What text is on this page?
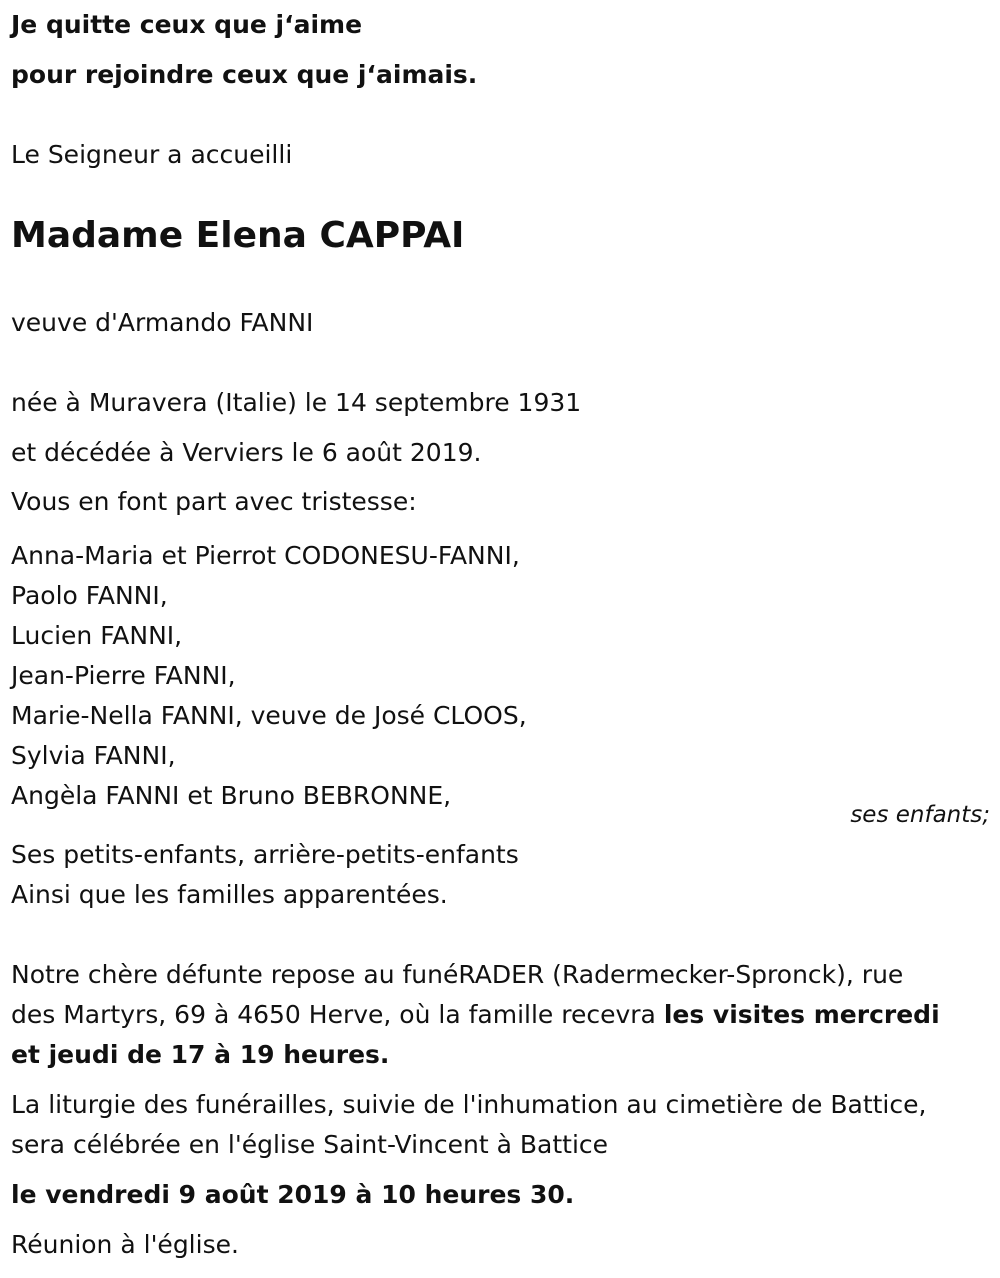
Je quitte ceux que j‘aime

pour rejoindre ceux que j‘aimais.

Le Seigneur a accueilli

Madame Elena CAPPAI

veuve d'Armando FANNI

née à Muravera (Italie) le 14 septembre 1931

et décédée à Verviers le 6 août 2019.

Vous en font part avec tristesse:

Anna-Maria et Pierrot CODONESU-FANNI,
Paolo FANNI,
Lucien FANNI,
Jean-Pierre FANNI,
Marie-Nella FANNI, veuve de José CLOOS,
Sylvia FANNI,
Angèla FANNI et Bruno BEBRONNE,
ses enfants;

Ses petits-enfants, arrière-petits-enfants

Ainsi que les familles apparentées.

Notre chère défunte repose au funéRADER (Radermecker-Spronck), rue

des Martyrs, 69 à 4650 Herve, où la famille recevra les visites mercredi

et jeudi de 17 à 19 heures.

La liturgie des funérailles, suivie de l'inhumation au cimetière de Battice,

sera célébrée en l'église Saint-Vincent à Battice

le vendredi 9 août 2019 à 10 heures 30.

Réunion à l'église.
